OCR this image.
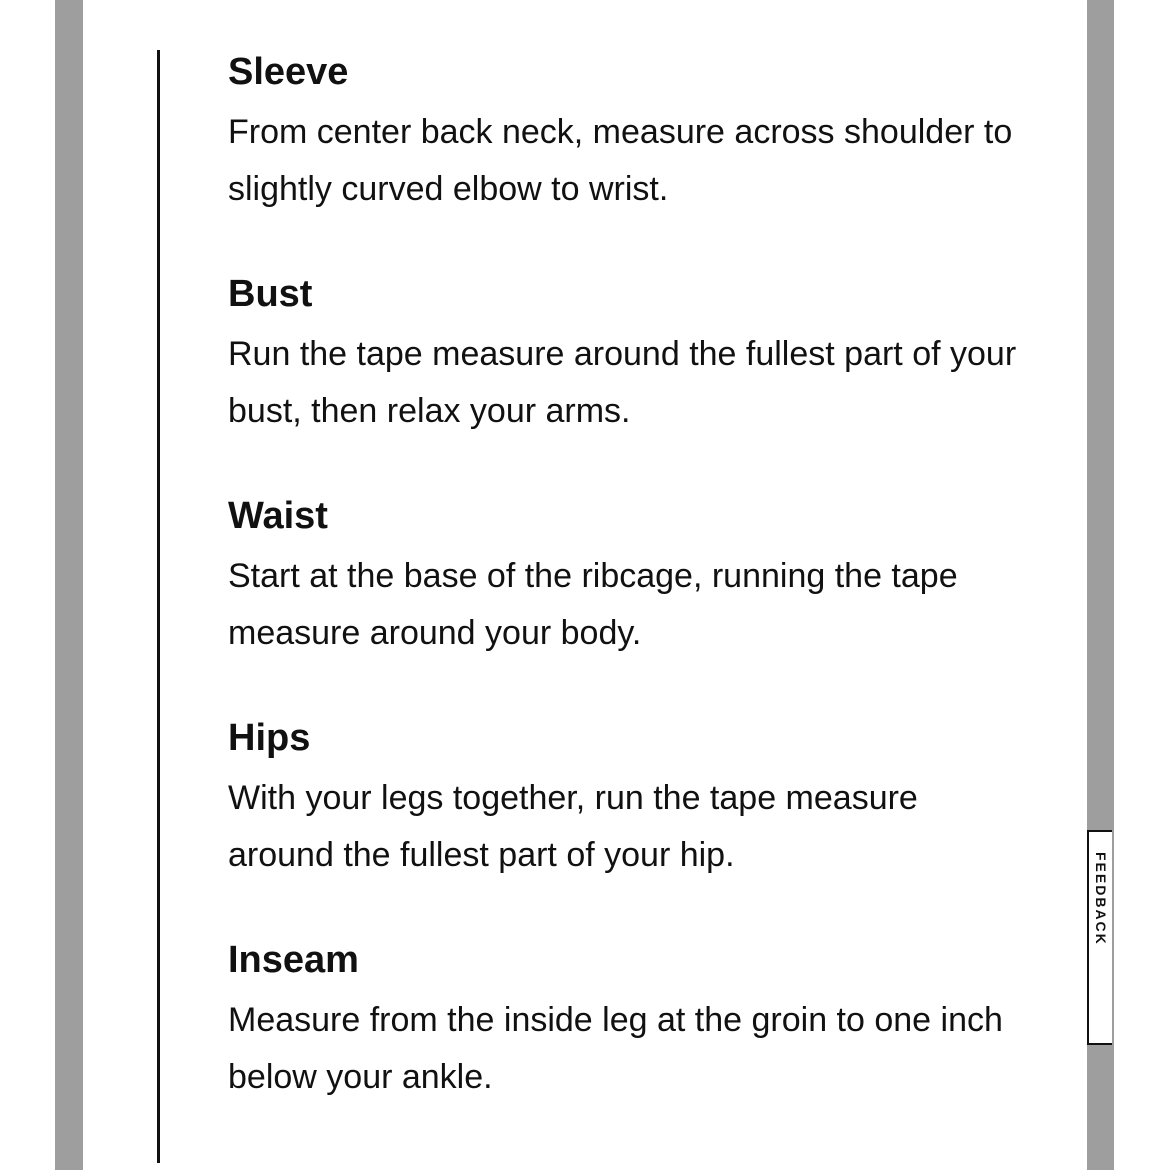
Sleeve

From center back neck, measure across shoulder to slightly curved elbow to wrist.

Bust

Run the tape measure around the fullest part of your bust, then relax your arms.

Waist

Start at the base of the ribcage, running the tape measure around your body.

Hips

With your legs together, run the tape measure around the fullest part of your hip.

Inseam

Measure from the inside leg at the groin to one inch below your ankle.

FEEDBACK
